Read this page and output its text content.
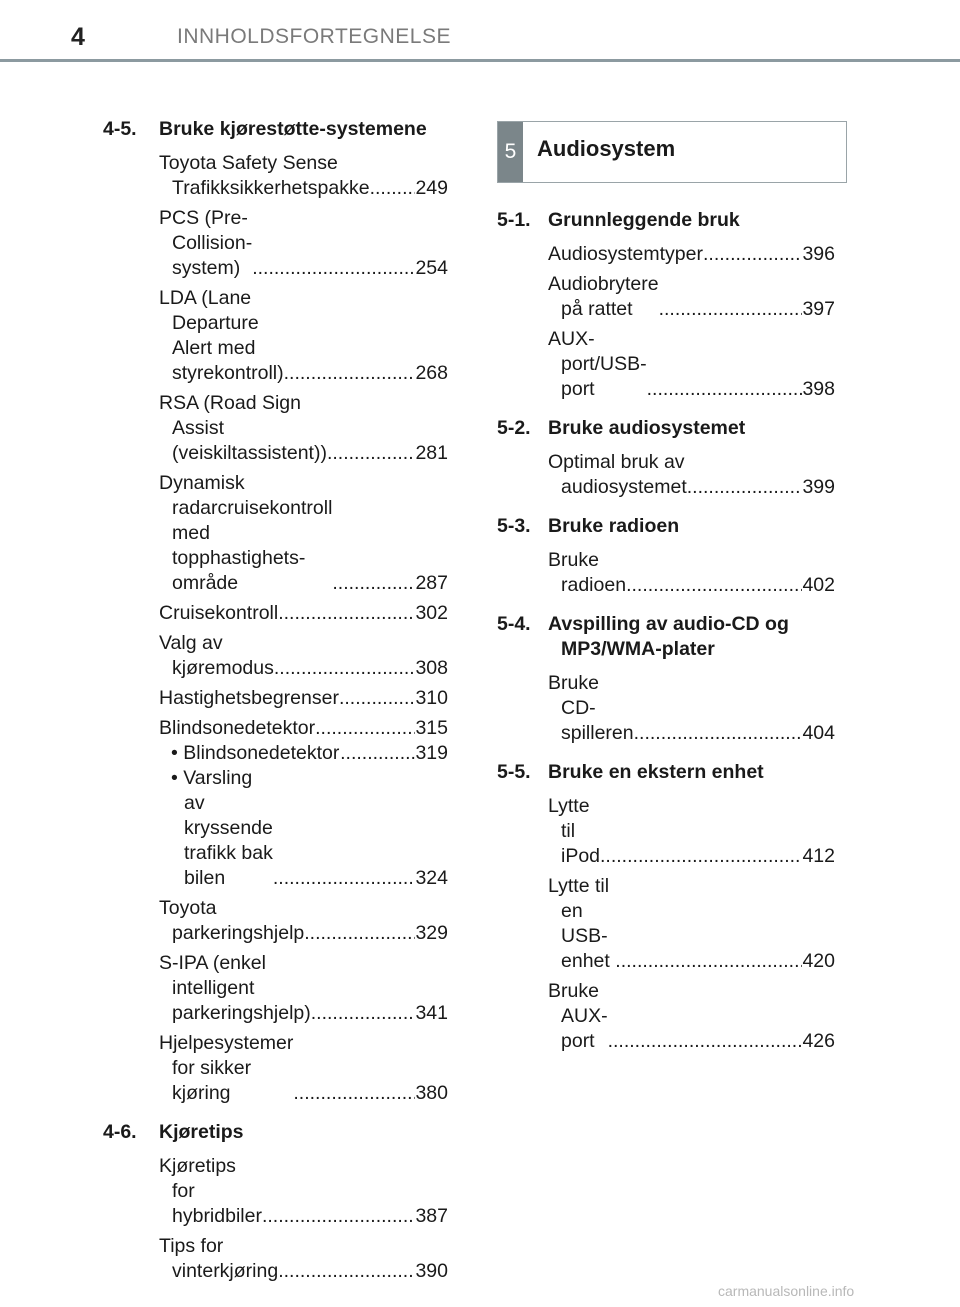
4	INNHOLDSFORTEGNELSE
4-5.	Bruke kjørestøtte-systemene
Toyota Safety Sense Trafikksikkerhetspakke ..... 249
PCS (Pre-Collision-system) .....	254
LDA (Lane Departure Alert med styrekontroll) .....	268
RSA (Road Sign Assist (veiskiltassistent)) .....	281
Dynamisk radarcruisekontroll med topphastighets-område .....	287
Cruisekontroll .....	302
Valg av kjøremodus .....	308
Hastighetsbegrenser .....	310
Blindsonedetektor .....	315
• Blindsonedetektor .....	319
• Varsling av kryssende trafikk bak bilen .....	324
Toyota parkeringshjelp .....	329
S-IPA (enkel intelligent parkeringshjelp) .....	341
Hjelpesystemer for sikker kjøring .....	380
4-6.	Kjøretips
Kjøretips for hybridbiler .....	387
Tips for vinterkjøring .....	390
5 Audiosystem
5-1. Grunnleggende bruk
Audiosystemtyper .....	396
Audiobrytere på rattet .....	397
AUX-port/USB-port .....	398
5-2. Bruke audiosystemet
Optimal bruk av audiosystemet .....	399
5-3. Bruke radioen
Bruke radioen .....	402
5-4. Avspilling av audio-CD og MP3/WMA-plater
Bruke CD-spilleren .....	404
5-5. Bruke en ekstern enhet
Lytte til iPod .....	412
Lytte til en USB-enhet .....	420
Bruke AUX-port .....	426
carmanualsonline.info
